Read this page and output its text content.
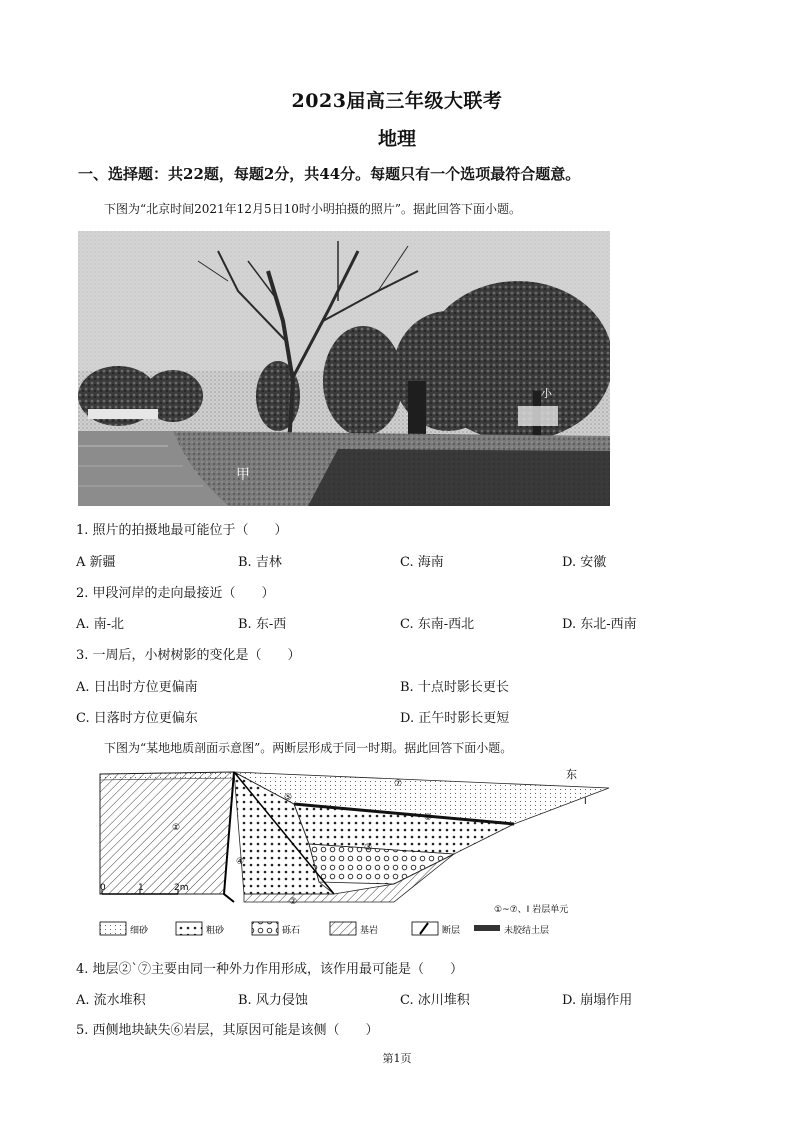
2023届高三年级大联考
地理
一、选择题：共22题，每题2分，共44分。每题只有一个选项最符合题意。
下图为“北京时间2021年12月5日10时小明拍摄的照片”。据此回答下面小题。
甲
小
1. 照片的拍摄地最可能位于（　　）
A 新疆	B. 吉林	C. 海南	D. 安徽
2. 甲段河岸的走向最接近（　　）
A. 南-北	B. 东-西	C. 东南-西北	D. 东北-西南
3. 一周后，小树树影的变化是（　　）
A. 日出时方位更偏南	B. 十点时影长更长
C. 日落时方位更偏东	D. 正午时影长更短
下图为“某地地质剖面示意图”。两断层形成于同一时期。据此回答下面小题。
①
⑦
⑤
⑥
③
④
②
Ⅰ
东
0	1	2m
①~⑦、Ⅰ 岩层单元
细砂	粗砂	砾石	基岩	断层	未胶结土层
4. 地层②`⑦主要由同一种外力作用形成，该作用最可能是（　　）
A. 流水堆积	B. 风力侵蚀	C. 冰川堆积	D. 崩塌作用
5. 西侧地块缺失⑥岩层，其原因可能是该侧（　　）
第1页
